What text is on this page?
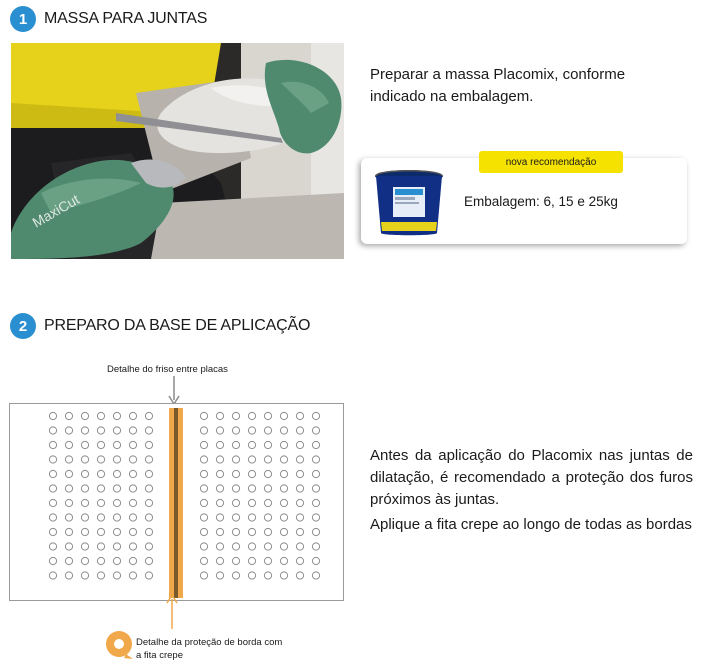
1	MASSA PARA JUNTAS
MaxiCut
Preparar a massa Placomix, conforme indicado na embalagem.
nova recomendação
Embalagem: 6, 15 e 25kg
2	PREPARO DA BASE DE APLICAÇÃO
Detalhe do friso entre placas
Detalhe da proteção de borda com
a fita crepe
Antes da aplicação do Placomix nas juntas de dilatação, é recomendado a proteção dos furos próximos às juntas.
Aplique a fita crepe ao longo de todas as bordas
